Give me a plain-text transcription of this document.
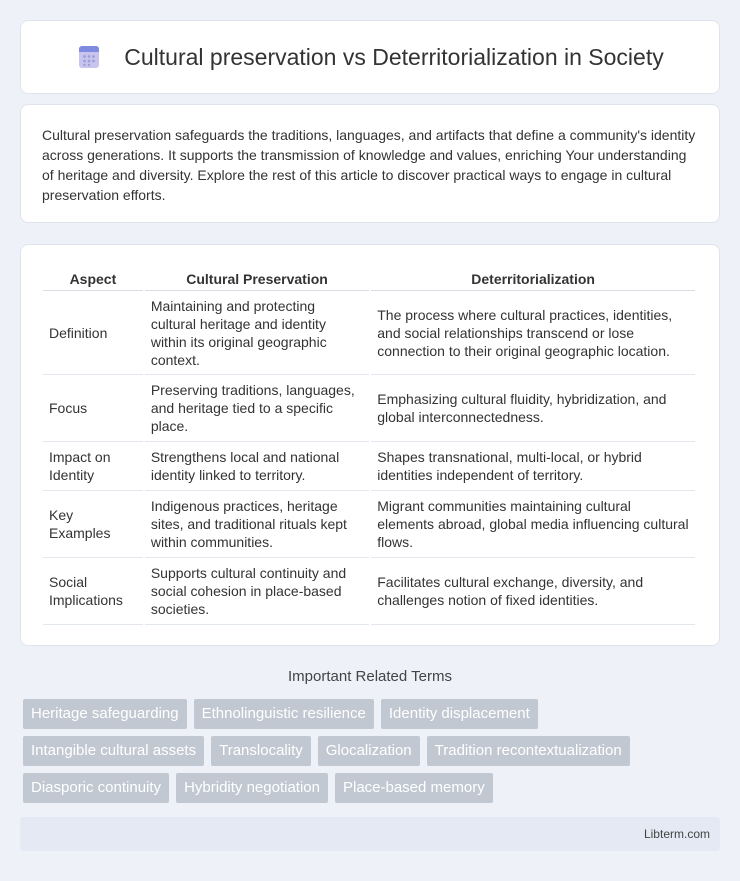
Cultural preservation vs Deterritorialization in Society

Cultural preservation safeguards the traditions, languages, and artifacts that define a community's identity across generations. It supports the transmission of knowledge and values, enriching Your understanding of heritage and diversity. Explore the rest of this article to discover practical ways to engage in cultural preservation efforts.

Aspect	Cultural Preservation	Deterritorialization
Definition	Maintaining and protecting cultural heritage and identity within its original geographic context.	The process where cultural practices, identities, and social relationships transcend or lose connection to their original geographic location.
Focus	Preserving traditions, languages, and heritage tied to a specific place.	Emphasizing cultural fluidity, hybridization, and global interconnectedness.
Impact on Identity	Strengthens local and national identity linked to territory.	Shapes transnational, multi-local, or hybrid identities independent of territory.
Key Examples	Indigenous practices, heritage sites, and traditional rituals kept within communities.	Migrant communities maintaining cultural elements abroad, global media influencing cultural flows.
Social Implications	Supports cultural continuity and social cohesion in place-based societies.	Facilitates cultural exchange, diversity, and challenges notion of fixed identities.
Important Related Terms
Heritage safeguarding	Ethnolinguistic resilience	Identity displacement
Intangible cultural assets	Translocality	Glocalization	Tradition recontextualization
Diasporic continuity	Hybridity negotiation	Place-based memory
Libterm.com
